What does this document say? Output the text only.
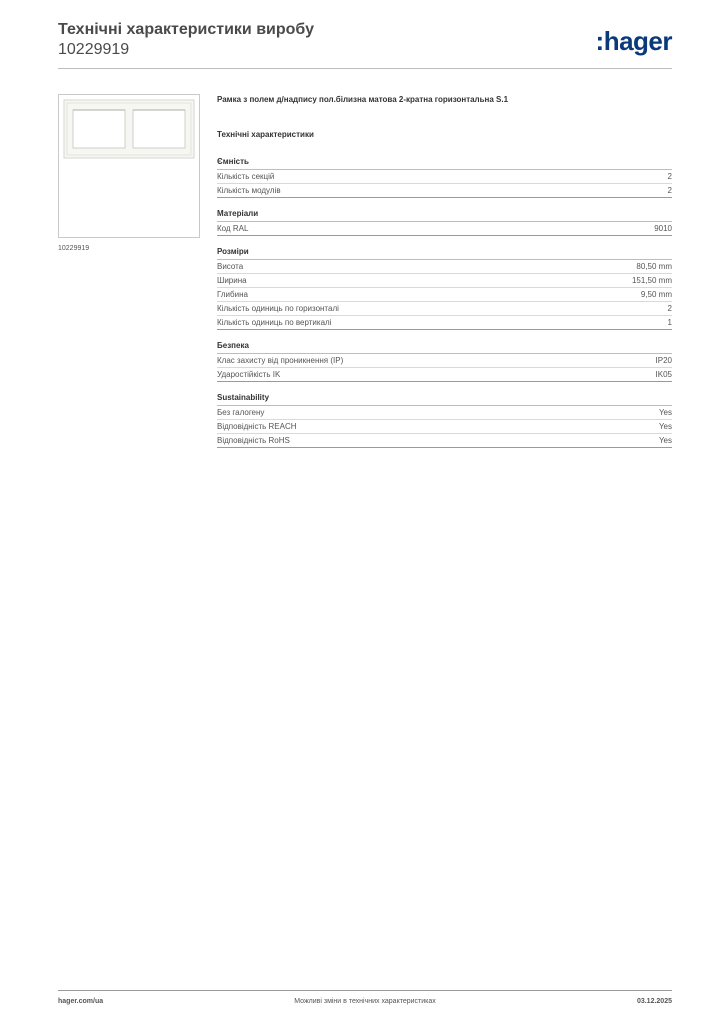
Технічні характеристики виробу
10229919	:hager
10229919
Рамка з полем д/надпису пол.білизна матова 2-кратна горизонтальна S.1
Технічні характеристики
Ємність
Кількість секцій	2
Кількість модулів	2
Матеріали
Код RAL	9010
Розміри
Висота	80,50 mm
Ширина	151,50 mm
Глибина	9,50 mm
Кількість одиниць по горизонталі	2
Кількість одиниць по вертикалі	1
Безпека
Клас захисту від проникнення (IP)	IP20
Ударостійкість IK	IK05
Sustainability
Без галогену	Yes
Відповідність REACH	Yes
Відповідність RoHS	Yes
hager.com/ua	Можливі зміни в технічних характеристиках	03.12.2025
